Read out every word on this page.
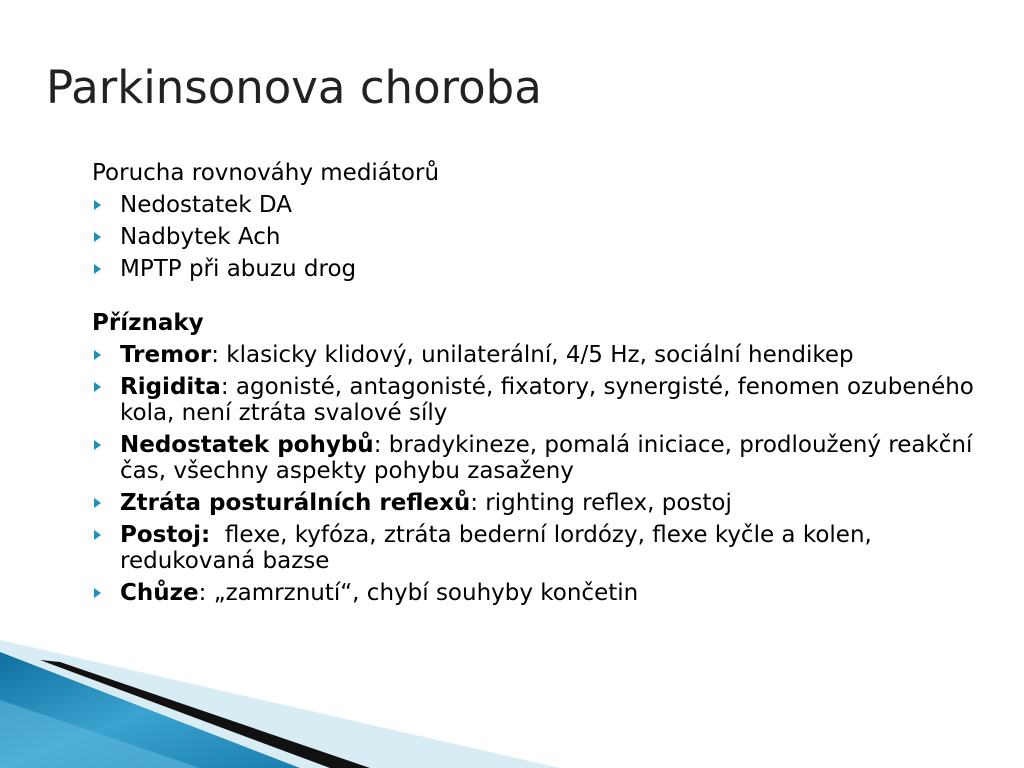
Parkinsonova choroba
Porucha rovnováhy mediátorů
Nedostatek DA
Nadbytek Ach
MPTP při abuzu drog
Příznaky
Tremor: klasicky klidový, unilaterální, 4/5 Hz, sociální hendikep
Rigidita: agonisté, antagonisté, fixatory, synergisté, fenomen ozubeného kola, není ztráta svalové síly
Nedostatek pohybů: bradykineze, pomalá iniciace, prodloužený reakční čas, všechny aspekty pohybu zasaženy
Ztráta posturálních reflexů: righting reflex, postoj
Postoj: flexe, kyfóza, ztráta bederní lordózy, flexe kyčle a kolen, redukovaná bazse
Chůze: „zamrznutí“, chybí souhyby končetin
